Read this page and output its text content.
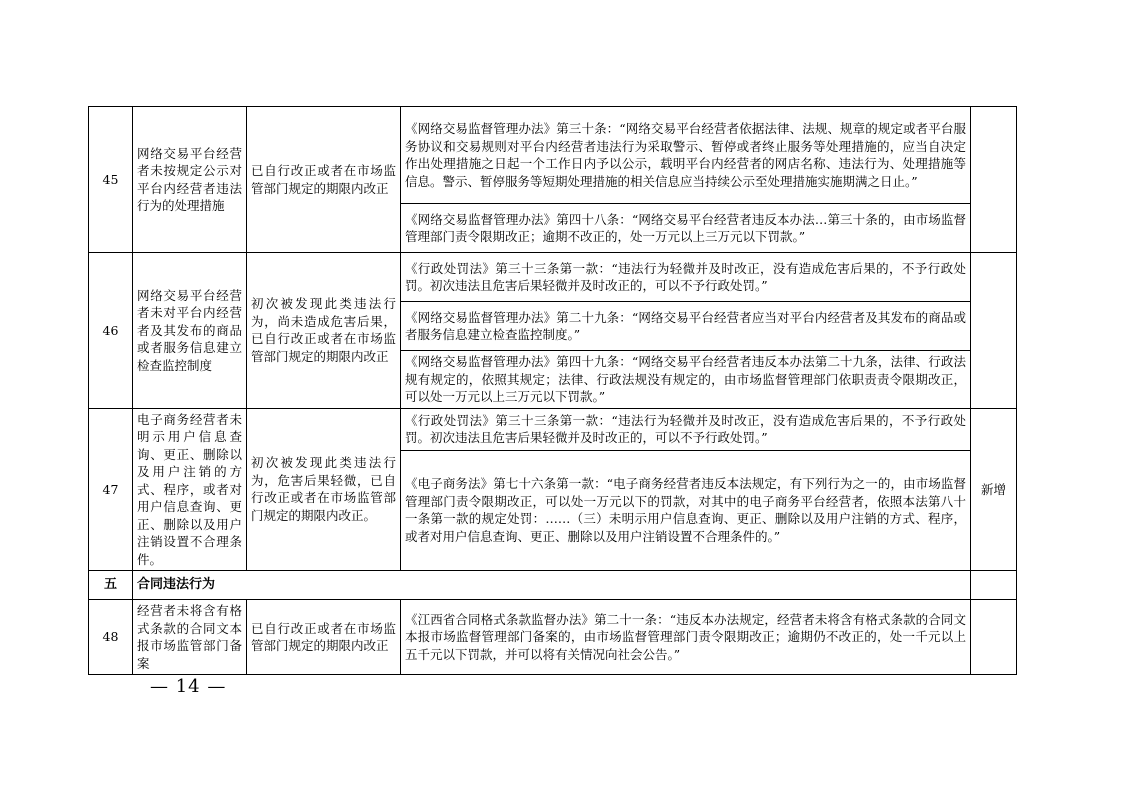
45	网络交易平台经营者未按规定公示对平台内经营者违法行为的处理措施	已自行改正或者在市场监管部门规定的期限内改正	《网络交易监督管理办法》第三十条：“网络交易平台经营者依据法律、法规、规章的规定或者平台服务协议和交易规则对平台内经营者违法行为采取警示、暂停或者终止服务等处理措施的，应当自决定作出处理措施之日起一个工作日内予以公示，载明平台内经营者的网店名称、违法行为、处理措施等信息。警示、暂停服务等短期处理措施的相关信息应当持续公示至处理措施实施期满之日止。”	
			《网络交易监督管理办法》第四十八条：“网络交易平台经营者违反本办法…第三十条的，由市场监督管理部门责令限期改正；逾期不改正的，处一万元以上三万元以下罚款。”	
46	网络交易平台经营者未对平台内经营者及其发布的商品或者服务信息建立检查监控制度	初次被发现此类违法行为，尚未造成危害后果，已自行改正或者在市场监管部门规定的期限内改正	《行政处罚法》第三十三条第一款：“违法行为轻微并及时改正，没有造成危害后果的，不予行政处罚。初次违法且危害后果轻微并及时改正的，可以不予行政处罚。”	
			《网络交易监督管理办法》第二十九条：“网络交易平台经营者应当对平台内经营者及其发布的商品或者服务信息建立检查监控制度。”	
			《网络交易监督管理办法》第四十九条：“网络交易平台经营者违反本办法第二十九条，法律、行政法规有规定的，依照其规定；法律、行政法规没有规定的，由市场监督管理部门依职责责令限期改正，可以处一万元以上三万元以下罚款。”	
47	电子商务经营者未明示用户信息查询、更正、删除以及用户注销的方式、程序，或者对用户信息查询、更正、删除以及用户注销设置不合理条件。	初次被发现此类违法行为，危害后果轻微，已自行改正或者在市场监管部门规定的期限内改正。	《行政处罚法》第三十三条第一款：“违法行为轻微并及时改正，没有造成危害后果的，不予行政处罚。初次违法且危害后果轻微并及时改正的，可以不予行政处罚。”	新增
			《电子商务法》第七十六条第一款：“电子商务经营者违反本法规定，有下列行为之一的，由市场监督管理部门责令限期改正，可以处一万元以下的罚款，对其中的电子商务平台经营者，依照本法第八十一条第一款的规定处罚：……（三）未明示用户信息查询、更正、删除以及用户注销的方式、程序，或者对用户信息查询、更正、删除以及用户注销设置不合理条件的。”	
五	合同违法行为			
48	经营者未将含有格式条款的合同文本报市场监管部门备案	已自行改正或者在市场监管部门规定的期限内改正	《江西省合同格式条款监督办法》第二十一条：“违反本办法规定，经营者未将含有格式条款的合同文本报市场监督管理部门备案的，由市场监督管理部门责令限期改正；逾期仍不改正的，处一千元以上五千元以下罚款，并可以将有关情况向社会公告。”	
— 14 —
